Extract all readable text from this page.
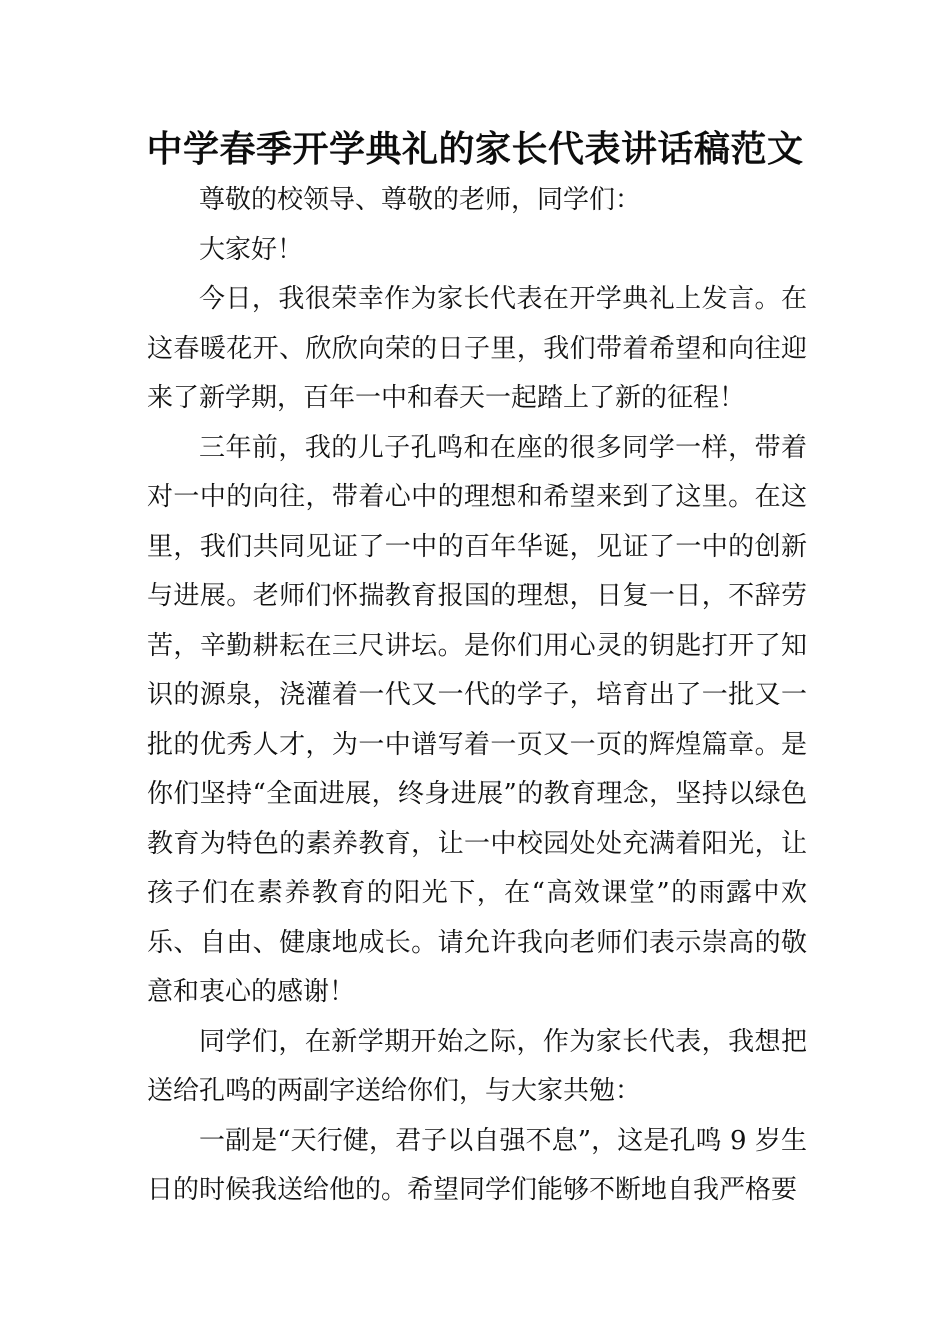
中学春季开学典礼的家长代表讲话稿范文

尊敬的校领导、尊敬的老师，同学们：

大家好！

今日，我很荣幸作为家长代表在开学典礼上发言。在这春暖花开、欣欣向荣的日子里，我们带着希望和向往迎来了新学期，百年一中和春天一起踏上了新的征程！

三年前，我的儿子孔鸣和在座的很多同学一样，带着对一中的向往，带着心中的理想和希望来到了这里。在这里，我们共同见证了一中的百年华诞，见证了一中的创新与进展。老师们怀揣教育报国的理想，日复一日，不辞劳苦，辛勤耕耘在三尺讲坛。是你们用心灵的钥匙打开了知识的源泉，浇灌着一代又一代的学子，培育出了一批又一批的优秀人才，为一中谱写着一页又一页的辉煌篇章。是你们坚持“全面进展，终身进展”的教育理念，坚持以绿色教育为特色的素养教育，让一中校园处处充满着阳光，让孩子们在素养教育的阳光下，在“高效课堂”的雨露中欢乐、自由、健康地成长。请允许我向老师们表示崇高的敬意和衷心的感谢！

同学们，在新学期开始之际，作为家长代表，我想把送给孔鸣的两副字送给你们，与大家共勉：

一副是“天行健，君子以自强不息”，这是孔鸣 9 岁生日的时候我送给他的。希望同学们能够不断地自我严格要
